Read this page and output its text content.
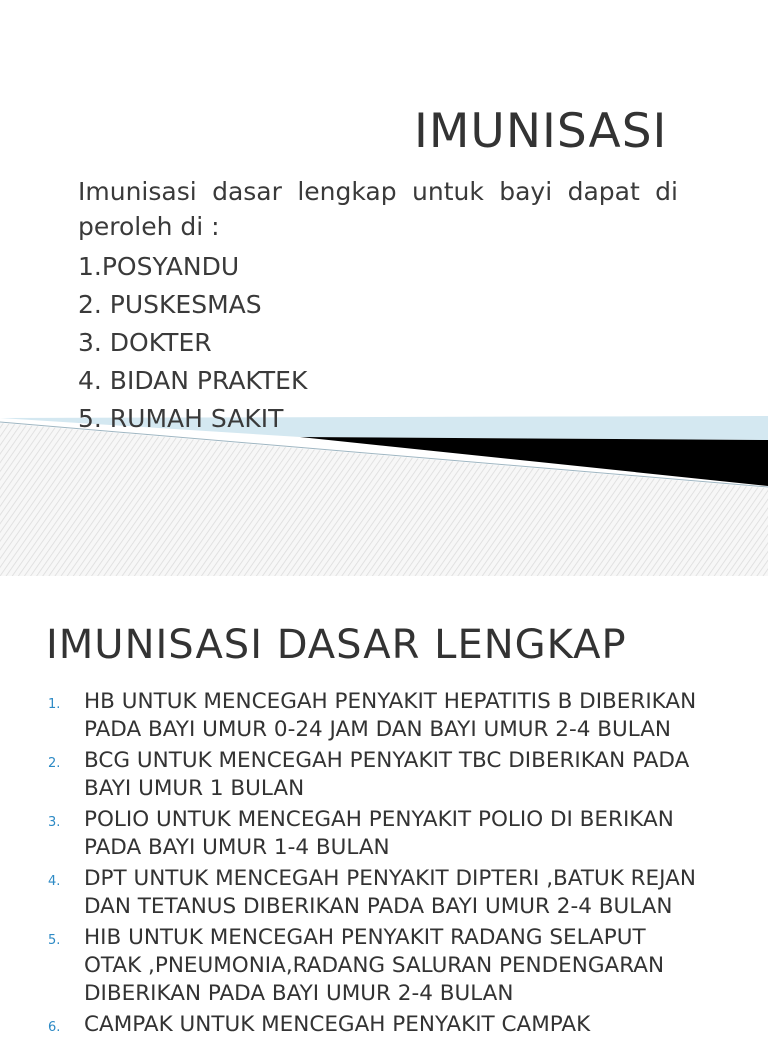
IMUNISASI
Imunisasi dasar lengkap untuk bayi dapat di peroleh di :
1.POSYANDU
2. PUSKESMAS
3. DOKTER
4. BIDAN PRAKTEK
5. RUMAH SAKIT
IMUNISASI DASAR LENGKAP
1. HB UNTUK MENCEGAH PENYAKIT HEPATITIS B DIBERIKAN
PADA BAYI UMUR 0-24 JAM DAN BAYI UMUR 2-4 BULAN
2. BCG UNTUK MENCEGAH PENYAKIT TBC DIBERIKAN PADA
BAYI UMUR 1 BULAN
3. POLIO UNTUK MENCEGAH PENYAKIT POLIO DI BERIKAN
PADA BAYI UMUR 1-4 BULAN
4. DPT UNTUK MENCEGAH PENYAKIT DIPTERI ,BATUK REJAN
DAN TETANUS DIBERIKAN PADA BAYI UMUR 2-4 BULAN
5. HIB UNTUK MENCEGAH PENYAKIT RADANG SELAPUT
OTAK ,PNEUMONIA,RADANG SALURAN PENDENGARAN
DIBERIKAN PADA BAYI UMUR 2-4 BULAN
6. CAMPAK UNTUK MENCEGAH PENYAKIT CAMPAK
